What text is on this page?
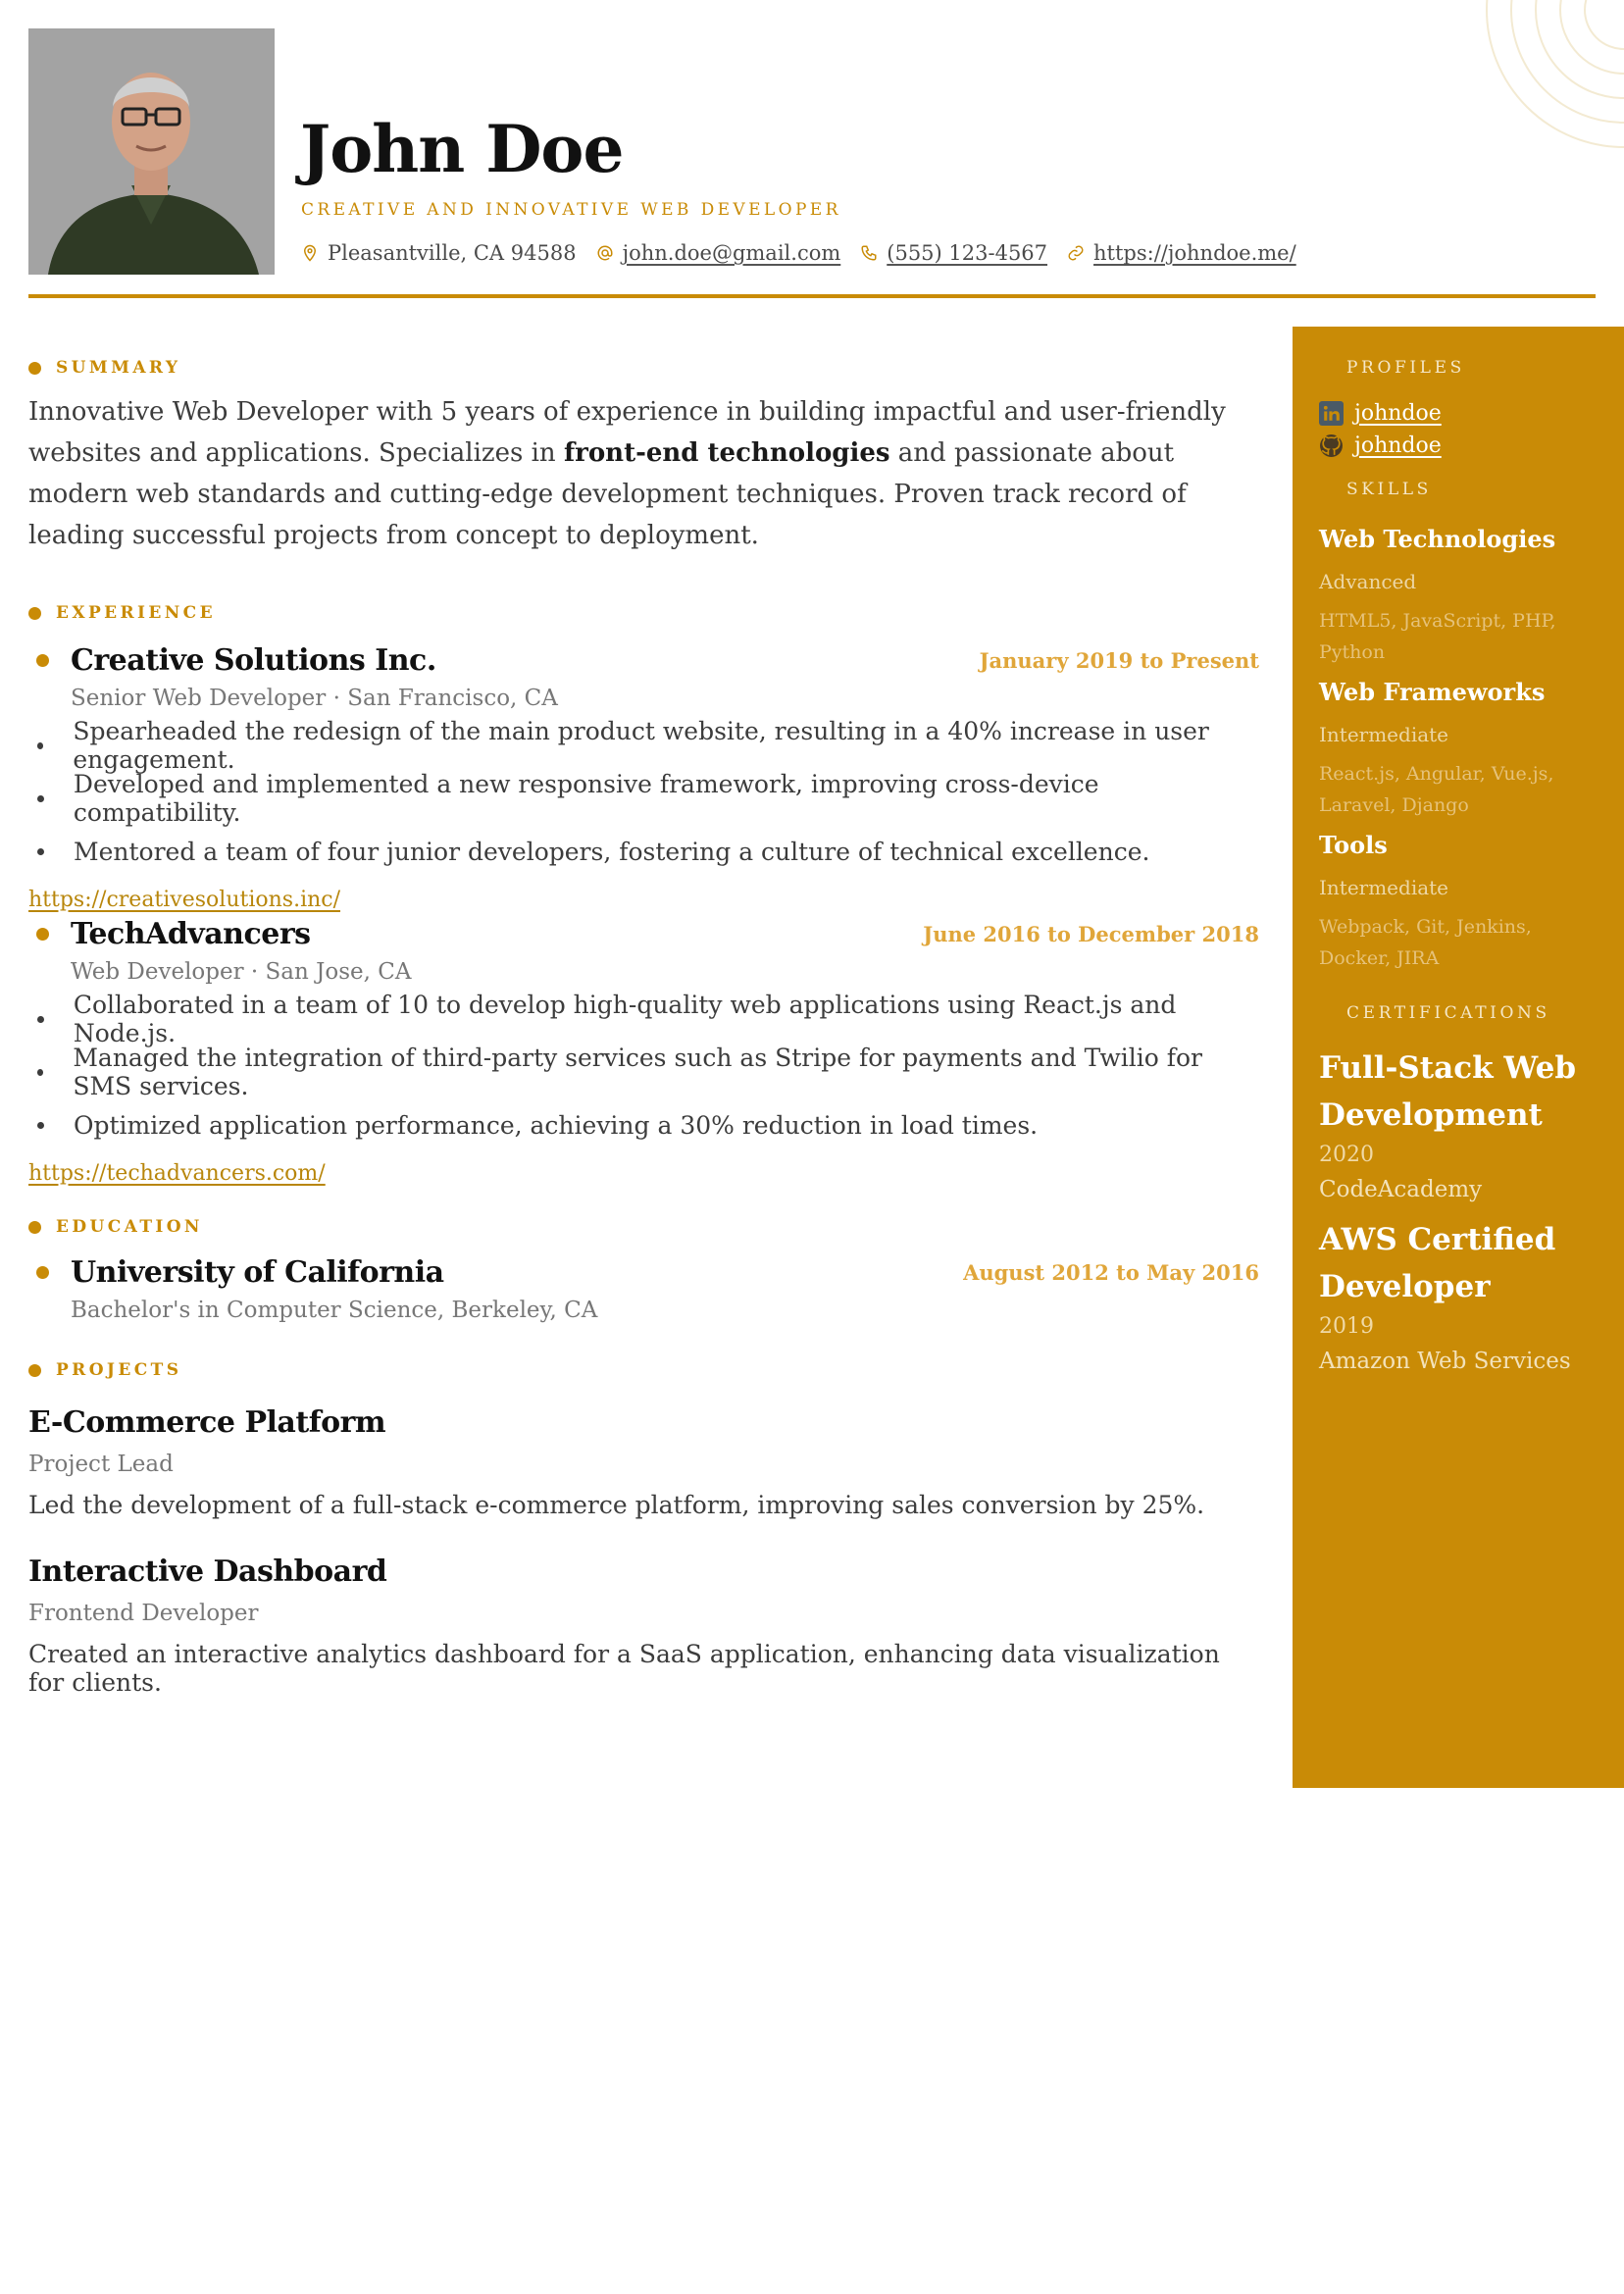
John Doe
CREATIVE AND INNOVATIVE WEB DEVELOPER
Pleasantville, CA 94588 john.doe@gmail.com (555) 123-4567 https://johndoe.me/
SUMMARY

Innovative Web Developer with 5 years of experience in building impactful and user-friendly websites and applications. Specializes in front-end technologies and passionate about modern web standards and cutting-edge development techniques. Proven track record of leading successful projects from concept to deployment.

EXPERIENCE
Creative Solutions Inc.	January 2019 to Present
Senior Web Developer · San Francisco, CA
Spearheaded the redesign of the main product website, resulting in a 40% increase in user engagement.
Developed and implemented a new responsive framework, improving cross-device compatibility.
Mentored a team of four junior developers, fostering a culture of technical excellence.
https://creativesolutions.inc/
TechAdvancers	June 2016 to December 2018
Web Developer · San Jose, CA
Collaborated in a team of 10 to develop high-quality web applications using React.js and Node.js.
Managed the integration of third-party services such as Stripe for payments and Twilio for SMS services.
Optimized application performance, achieving a 30% reduction in load times.
https://techadvancers.com/
EDUCATION
University of California	August 2012 to May 2016
Bachelor's in Computer Science, Berkeley, CA
PROJECTS
E-Commerce Platform
Project Lead
Led the development of a full-stack e-commerce platform, improving sales conversion by 25%.
Interactive Dashboard
Frontend Developer
Created an interactive analytics dashboard for a SaaS application, enhancing data visualization for clients.
PROFILES
johndoe
johndoe
SKILLS
Web Technologies
Advanced
HTML5, JavaScript, PHP, Python
Web Frameworks
Intermediate
React.js, Angular, Vue.js, Laravel, Django
Tools
Intermediate
Webpack, Git, Jenkins, Docker, JIRA
CERTIFICATIONS
Full-Stack Web Development
2020
CodeAcademy
AWS Certified Developer
2019
Amazon Web Services
